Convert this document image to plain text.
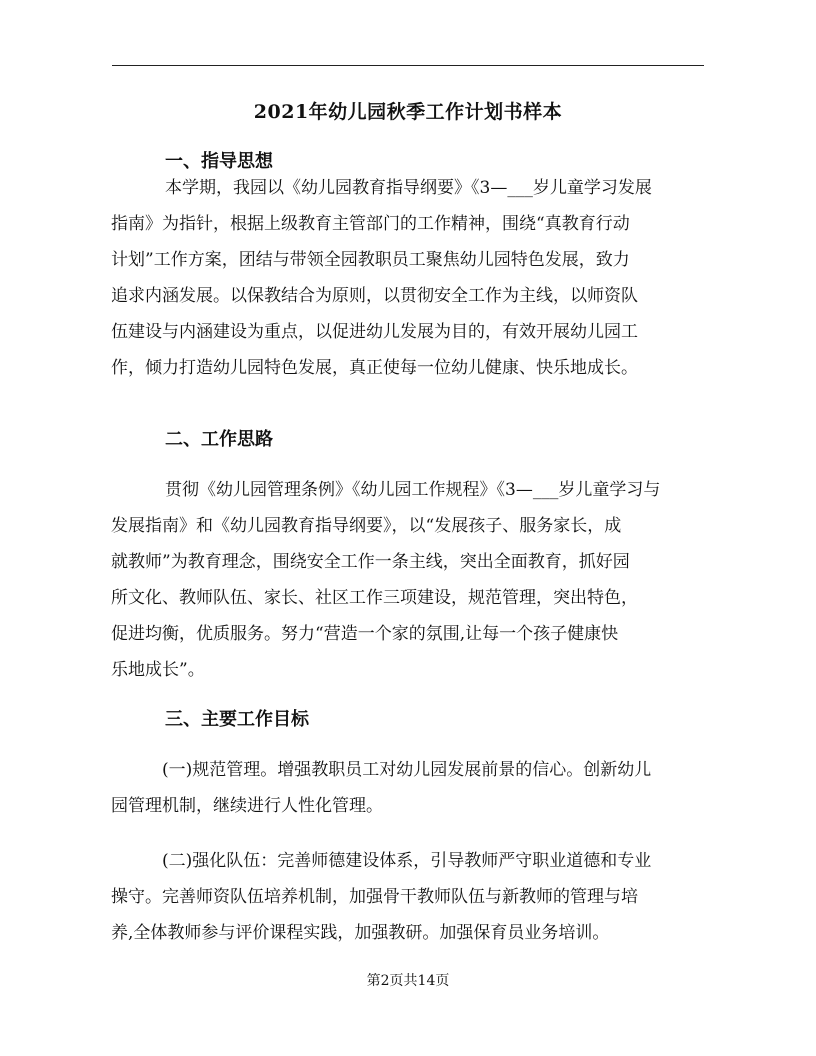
2021年幼儿园秋季工作计划书样本
一、指导思想
本学期，我园以《幼儿园教育指导纲要》《3—___岁儿童学习发展
指南》为指针，根据上级教育主管部门的工作精神，围绕“真教育行动
计划”工作方案，团结与带领全园教职员工聚焦幼儿园特色发展，致力
追求内涵发展。以保教结合为原则，以贯彻安全工作为主线，以师资队
伍建设与内涵建设为重点，以促进幼儿发展为目的，有效开展幼儿园工
作，倾力打造幼儿园特色发展，真正使每一位幼儿健康、快乐地成长。
二、工作思路
贯彻《幼儿园管理条例》《幼儿园工作规程》《3—___岁儿童学习与
发展指南》和《幼儿园教育指导纲要》，以“发展孩子、服务家长，成
就教师”为教育理念，围绕安全工作一条主线，突出全面教育，抓好园
所文化、教师队伍、家长、社区工作三项建设，规范管理，突出特色，
促进均衡，优质服务。努力“营造一个家的氛围,让每一个孩子健康快
乐地成长”。
三、主要工作目标
(一)规范管理。增强教职员工对幼儿园发展前景的信心。创新幼儿
园管理机制，继续进行人性化管理。
(二)强化队伍：完善师德建设体系，引导教师严守职业道德和专业
操守。完善师资队伍培养机制，加强骨干教师队伍与新教师的管理与培
养,全体教师参与评价课程实践，加强教研。加强保育员业务培训。
第2页共14页
